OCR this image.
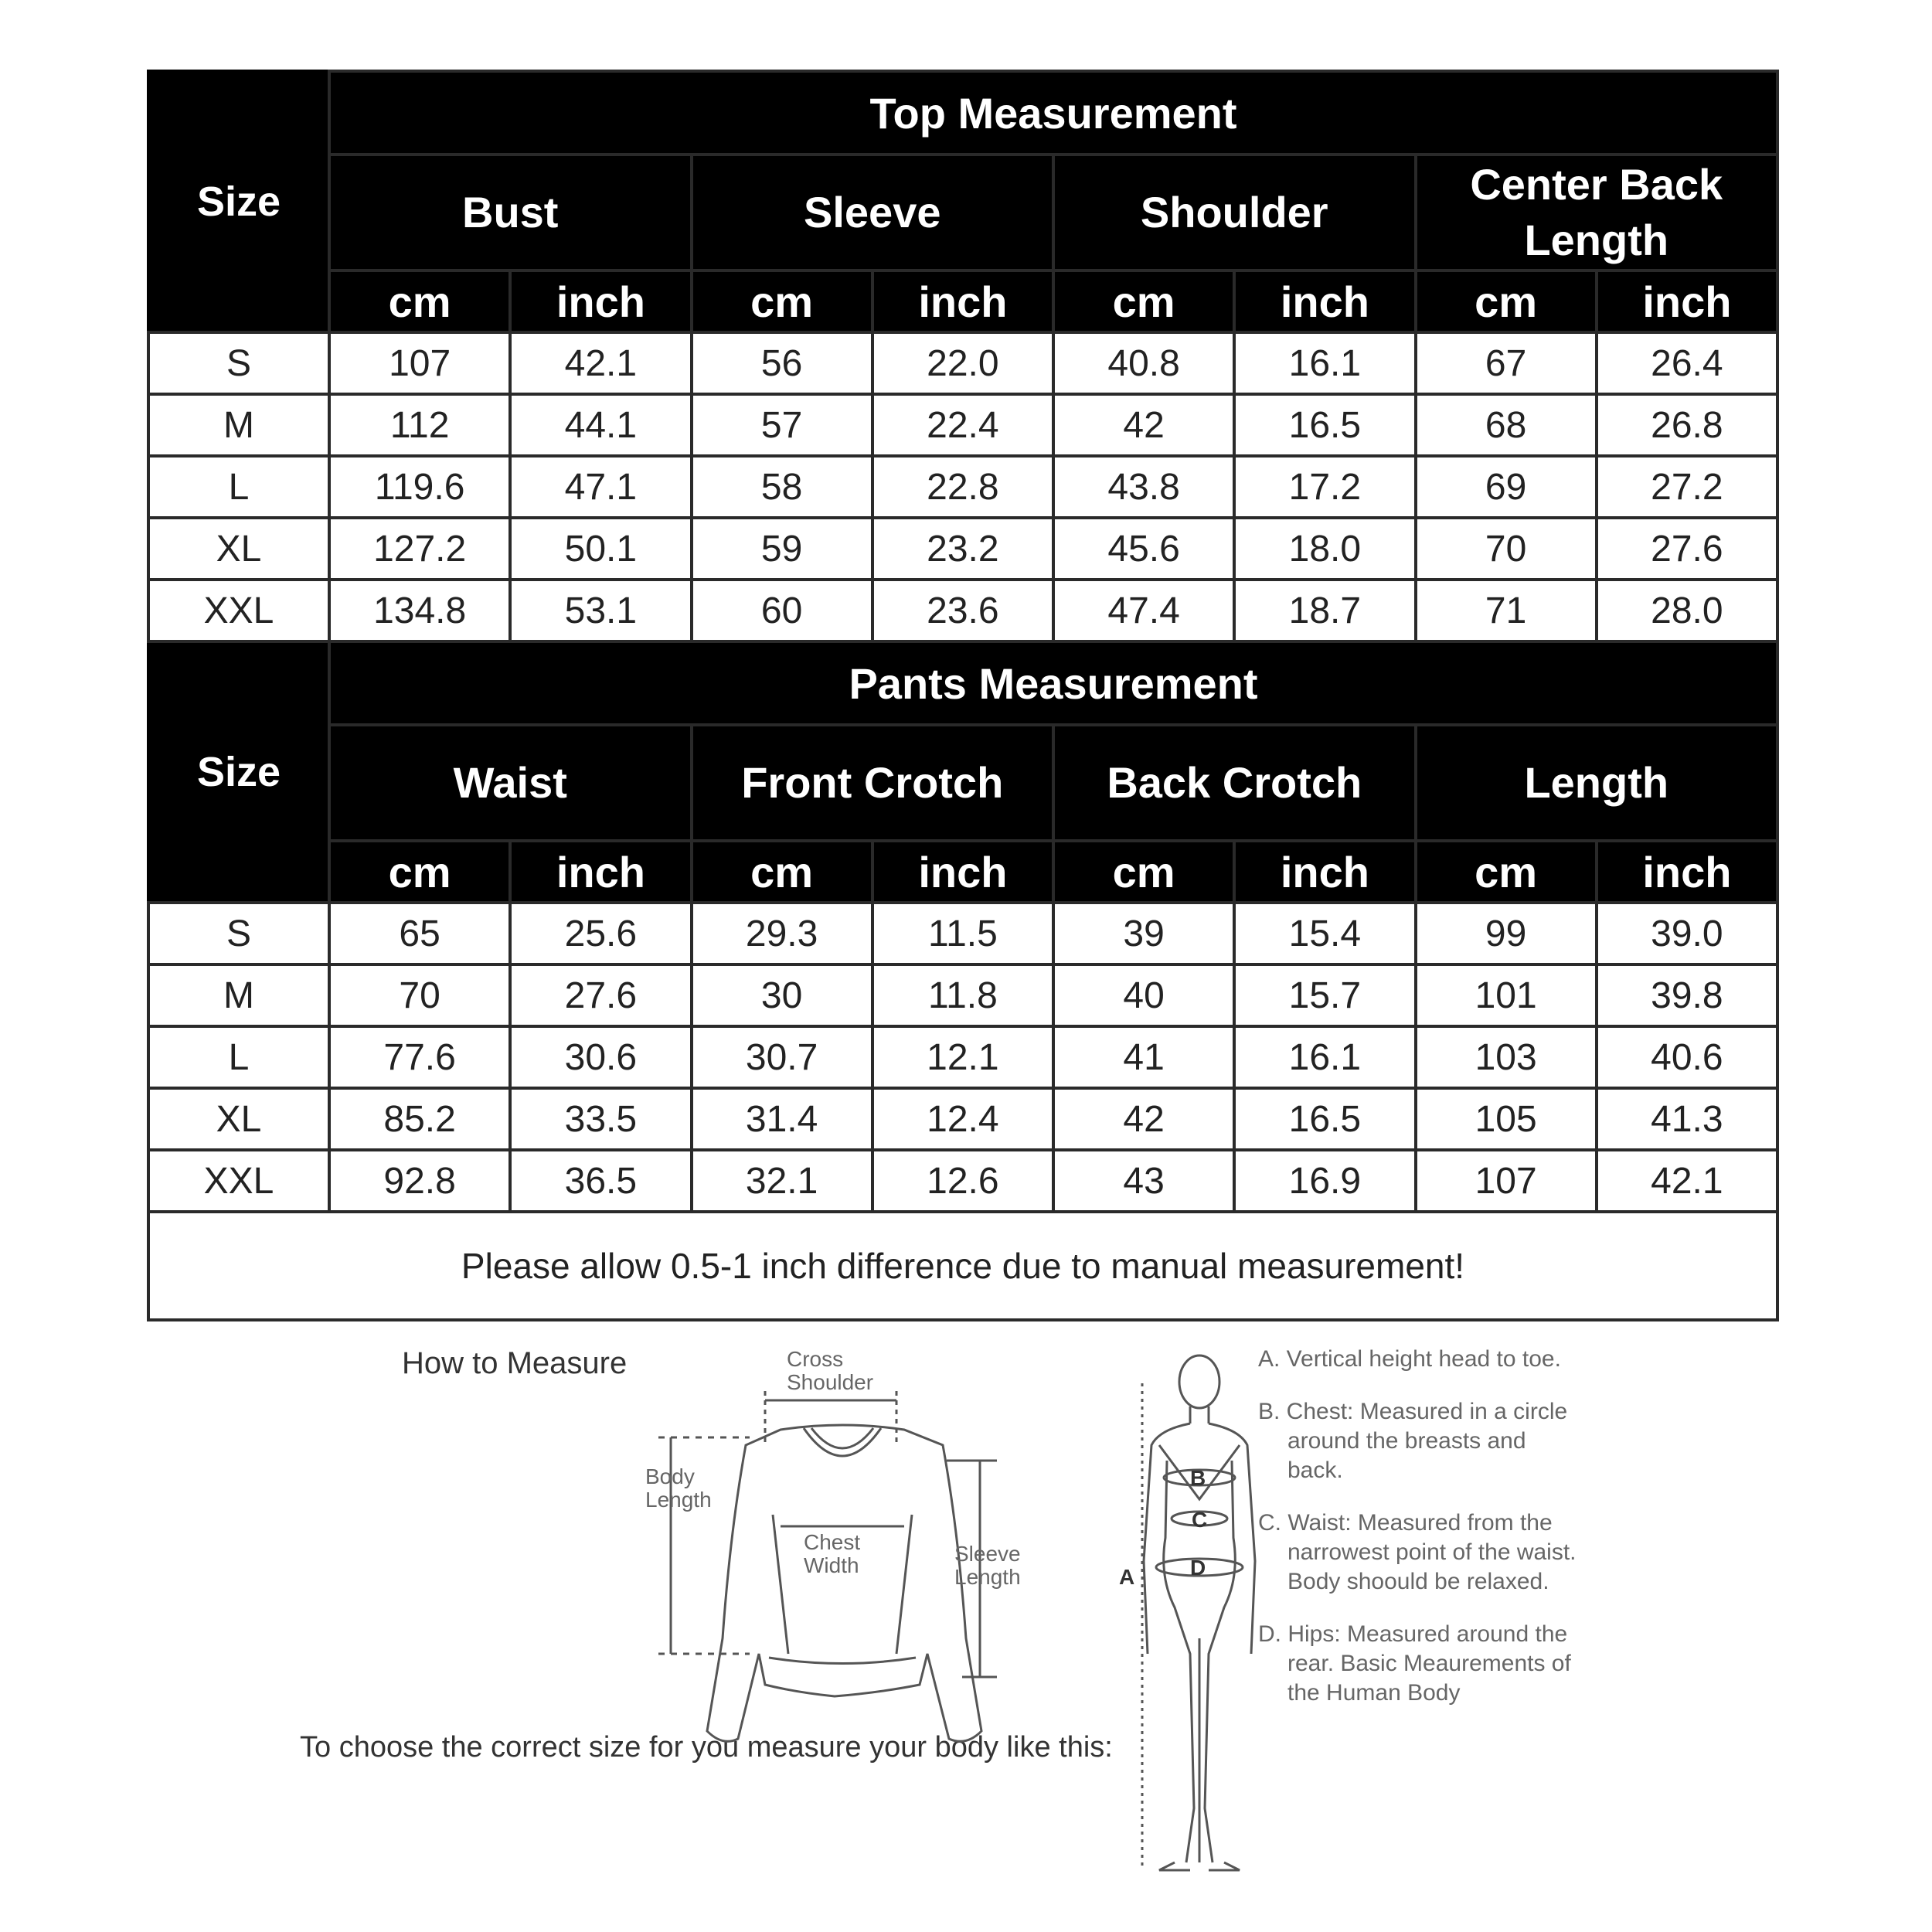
Size	Top Measurement							
	Bust		Sleeve		Shoulder		Center Back Length	
	cm	inch	cm	inch	cm	inch	cm	inch
S	107	42.1	56	22.0	40.8	16.1	67	26.4
M	112	44.1	57	22.4	42	16.5	68	26.8
L	119.6	47.1	58	22.8	43.8	17.2	69	27.2
XL	127.2	50.1	59	23.2	45.6	18.0	70	27.6
XXL	134.8	53.1	60	23.6	47.4	18.7	71	28.0
Size	Pants Measurement							
	Waist		Front Crotch		Back Crotch		Length	
	cm	inch	cm	inch	cm	inch	cm	inch
S	65	25.6	29.3	11.5	39	15.4	99	39.0
M	70	27.6	30	11.8	40	15.7	101	39.8
L	77.6	30.6	30.7	12.1	41	16.1	103	40.6
XL	85.2	33.5	31.4	12.4	42	16.5	105	41.3
XXL	92.8	36.5	32.1	12.6	43	16.9	107	42.1
Please allow 0.5-1 inch difference due to manual measurement!								
How to Measure
To choose the correct size for you measure your body like this:
Cross Shoulder
Body Length
Chest Width	Sleeve Length
B
C
D
A

A. Vertical height head to toe.

B. Chest: Measured in a circle around the breasts and back.

C. Waist: Measured from the narrowest point of the waist. Body shoould be relaxed.

D. Hips: Measured around the rear. Basic Meaurements of the Human Body
